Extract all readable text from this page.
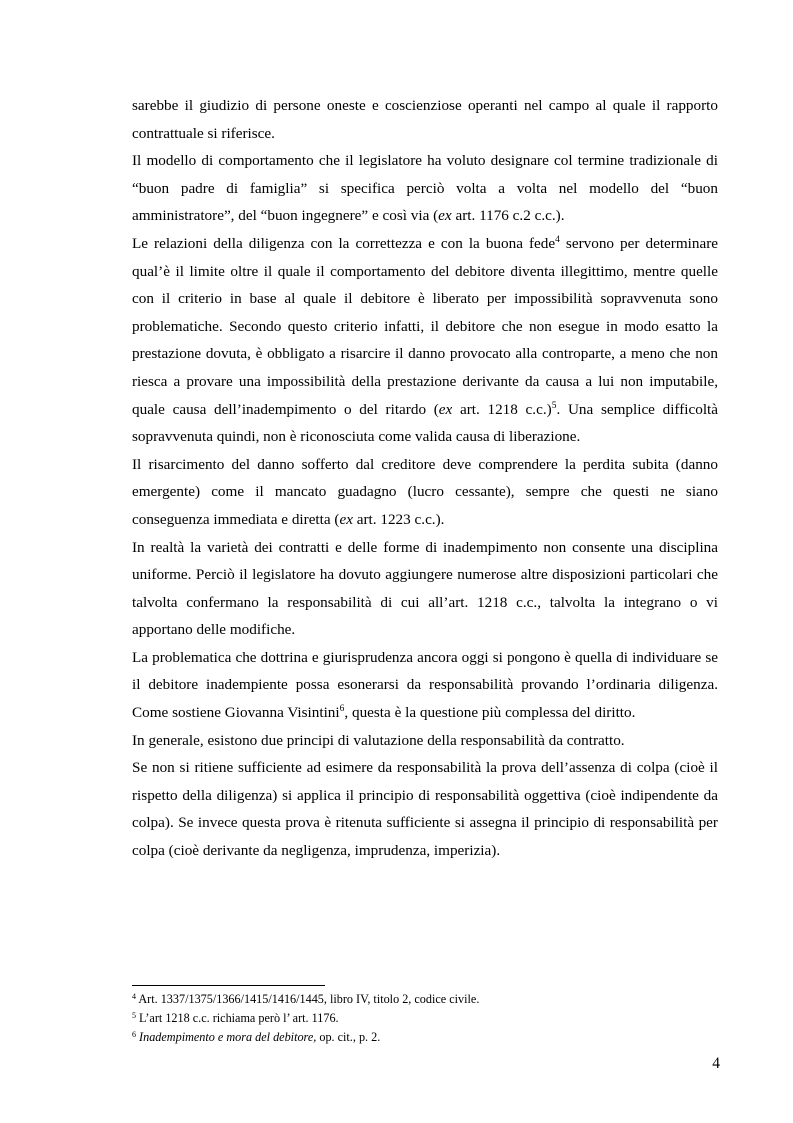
sarebbe il giudizio di persone oneste e coscienziose operanti nel campo al quale il rapporto contrattuale si riferisce.

Il modello di comportamento che il legislatore ha voluto designare col termine tradizionale di “buon padre di famiglia” si specifica perciò volta a volta nel modello del “buon amministratore”, del “buon ingegnere” e così via (ex art. 1176 c.2 c.c.).

Le relazioni della diligenza con la correttezza e con la buona fede$^4$ servono per determinare qual’è il limite oltre il quale il comportamento del debitore diventa illegittimo, mentre quelle con il criterio in base al quale il debitore è liberato per impossibilità sopravvenuta sono problematiche. Secondo questo criterio infatti, il debitore che non esegue in modo esatto la prestazione dovuta, è obbligato a risarcire il danno provocato alla controparte, a meno che non riesca a provare una impossibilità della prestazione derivante da causa a lui non imputabile, quale causa dell’inadempimento o del ritardo (ex art. 1218 c.c.)$^5$. Una semplice difficoltà sopravvenuta quindi, non è riconosciuta come valida causa di liberazione.

Il risarcimento del danno sofferto dal creditore deve comprendere la perdita subita (danno emergente) come il mancato guadagno (lucro cessante), sempre che questi ne siano conseguenza immediata e diretta (ex art. 1223 c.c.).

In realtà la varietà dei contratti e delle forme di inadempimento non consente una disciplina uniforme. Perciò il legislatore ha dovuto aggiungere numerose altre disposizioni particolari che talvolta confermano la responsabilità di cui all’art. 1218 c.c., talvolta la integrano o vi apportano delle modifiche.

La problematica che dottrina e giurisprudenza ancora oggi si pongono è quella di individuare se il debitore inadempiente possa esonerarsi da responsabilità provando l’ordinaria diligenza. Come sostiene Giovanna Visintini$^6$, questa è la questione più complessa del diritto.

In generale, esistono due principi di valutazione della responsabilità da contratto.

Se non si ritiene sufficiente ad esimere da responsabilità la prova dell’assenza di colpa (cioè il rispetto della diligenza) si applica il principio di responsabilità oggettiva (cioè indipendente da colpa). Se invece questa prova è ritenuta sufficiente si assegna il principio di responsabilità per colpa (cioè derivante da negligenza, imprudenza, imperizia).

$^4$ Art. 1337/1375/1366/1415/1416/1445, libro IV, titolo 2, codice civile.

$^5$ L’art 1218 c.c. richiama però l’ art. 1176.

$^6$ Inadempimento e mora del debitore, op. cit., p. 2.

4
